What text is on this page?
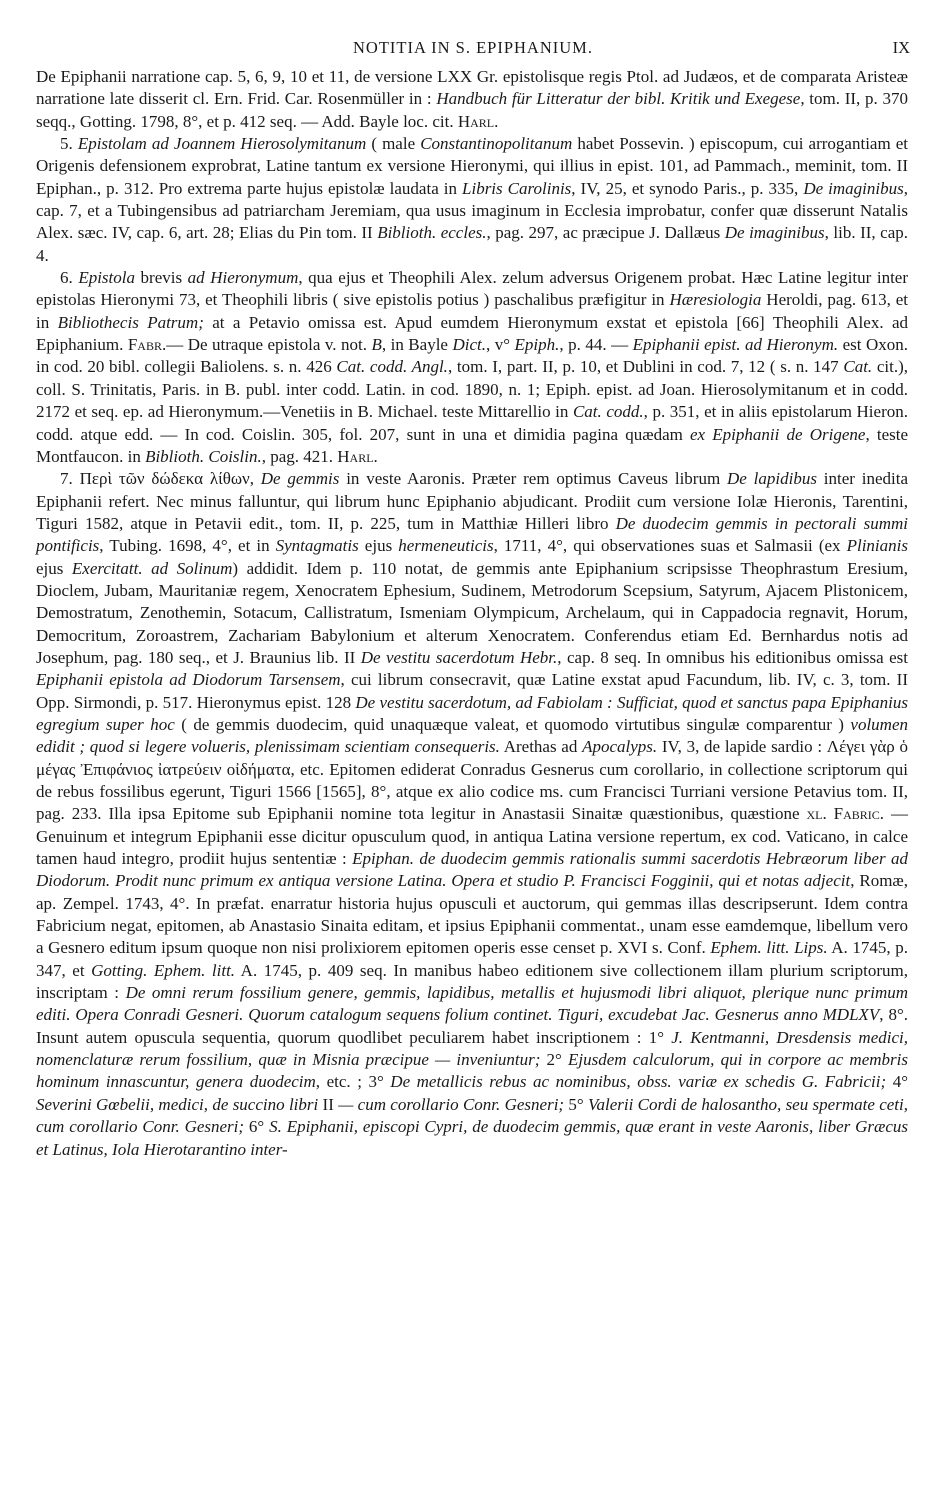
NOTITIA IN S. EPIPHANIUM.	IX

De Epiphanii narratione cap. 5, 6, 9, 10 et 11, de versione LXX Gr. epistolisque regis Ptol. ad Judæos, et de comparata Aristeæ narratione late disserit cl. Ern. Frid. Car. Rosenmüller in : Handbuch für Litteratur der bibl. Kritik und Exegese, tom. II, p. 370 seqq., Gotting. 1798, 8°, et p. 412 seq. — Add. Bayle loc. cit. Harl.

5. Epistolam ad Joannem Hierosolymitanum ( male Constantinopolitanum habet Possevin. ) episcopum, cui arrogantiam et Origenis defensionem exprobrat, Latine tantum ex versione Hieronymi, qui illius in epist. 101, ad Pammach., meminit, tom. II Epiphan., p. 312. Pro extrema parte hujus epistolæ laudata in Libris Carolinis, IV, 25, et synodo Paris., p. 335, De imaginibus, cap. 7, et a Tubingensibus ad patriarcham Jeremiam, qua usus imaginum in Ecclesia improbatur, confer quæ disserunt Natalis Alex. sæc. IV, cap. 6, art. 28; Elias du Pin tom. II Biblioth. eccles., pag. 297, ac præcipue J. Dallæus De imaginibus, lib. II, cap. 4.

6. Epistola brevis ad Hieronymum, qua ejus et Theophili Alex. zelum adversus Origenem probat. Hæc Latine legitur inter epistolas Hieronymi 73, et Theophili libris ( sive epistolis potius ) paschalibus præfigitur in Hæresiologia Heroldi, pag. 613, et in Bibliothecis Patrum; at a Petavio omissa est. Apud eumdem Hieronymum exstat et epistola [66] Theophili Alex. ad Epiphanium. Fabr.— De utraque epistola v. not. B, in Bayle Dict., v° Epiph., p. 44. — Epiphanii epist. ad Hieronym. est Oxon. in cod. 20 bibl. collegii Baliolens. s. n. 426 Cat. codd. Angl., tom. I, part. II, p. 10, et Dublini in cod. 7, 12 ( s. n. 147 Cat. cit.), coll. S. Trinitatis, Paris. in B. publ. inter codd. Latin. in cod. 1890, n. 1; Epiph. epist. ad Joan. Hierosolymitanum et in codd. 2172 et seq. ep. ad Hieronymum.—Venetiis in B. Michael. teste Mittarellio in Cat. codd., p. 351, et in aliis epistolarum Hieron. codd. atque edd. — In cod. Coislin. 305, fol. 207, sunt in una et dimidia pagina quædam ex Epiphanii de Origene, teste Montfaucon. in Biblioth. Coislin., pag. 421. Harl.

7. Περὶ τῶν δώδεκα λίθων, De gemmis in veste Aaronis. Præter rem optimus Caveus librum De lapidibus inter inedita Epiphanii refert. Nec minus falluntur, qui librum hunc Epiphanio abjudicant. Prodiit cum versione Iolæ Hieronis, Tarentini, Tiguri 1582, atque in Petavii edit., tom. II, p. 225, tum in Matthiæ Hilleri libro De duodecim gemmis in pectorali summi pontificis, Tubing. 1698, 4°, et in Syntagmatis ejus hermeneuticis, 1711, 4°, qui observationes suas et Salmasii (ex Plinianis ejus Exercitatt. ad Solinum) addidit. Idem p. 110 notat, de gemmis ante Epiphanium scripsisse Theophrastum Eresium, Dioclem, Jubam, Mauritaniæ regem, Xenocratem Ephesium, Sudinem, Metrodorum Scepsium, Satyrum, Ajacem Plistonicem, Demostratum, Zenothemin, Sotacum, Callistratum, Ismeniam Olympicum, Archelaum, qui in Cappadocia regnavit, Horum, Democritum, Zoroastrem, Zachariam Babylonium et alterum Xenocratem. Conferendus etiam Ed. Bernhardus notis ad Josephum, pag. 180 seq., et J. Braunius lib. II De vestitu sacerdotum Hebr., cap. 8 seq. In omnibus his editionibus omissa est Epiphanii epistola ad Diodorum Tarsensem, cui librum consecravit, quæ Latine exstat apud Facundum, lib. IV, c. 3, tom. II Opp. Sirmondi, p. 517. Hieronymus epist. 128 De vestitu sacerdotum, ad Fabiolam : Sufficiat, quod et sanctus papa Epiphanius egregium super hoc ( de gemmis duodecim, quid unaquæque valeat, et quomodo virtutibus singulæ comparentur ) volumen edidit ; quod si legere volueris, plenissimam scientiam consequeris. Arethas ad Apocalyps. IV, 3, de lapide sardio : Λέγει γὰρ ὁ μέγας Ἐπιφάνιος ἰατρεύειν οἰδήματα, etc. Epitomen ediderat Conradus Gesnerus cum corollario, in collectione scriptorum qui de rebus fossilibus egerunt, Tiguri 1566 [1565], 8°, atque ex alio codice ms. cum Francisci Turriani versione Petavius tom. II, pag. 233. Illa ipsa Epitome sub Epiphanii nomine tota legitur in Anastasii Sinaitæ quæstionibus, quæstione xl. Fabric. — Genuinum et integrum Epiphanii esse dicitur opusculum quod, in antiqua Latina versione repertum, ex cod. Vaticano, in calce tamen haud integro, prodiit hujus sententiæ : Epiphan. de duodecim gemmis rationalis summi sacerdotis Hebræorum liber ad Diodorum. Prodit nunc primum ex antiqua versione Latina. Opera et studio P. Francisci Fogginii, qui et notas adjecit, Romæ, ap. Zempel. 1743, 4°. In præfat. enarratur historia hujus opusculi et auctorum, qui gemmas illas descripserunt. Idem contra Fabricium negat, epitomen, ab Anastasio Sinaita editam, et ipsius Epiphanii commentat., unam esse eamdemque, libellum vero a Gesnero editum ipsum quoque non nisi prolixiorem epitomen operis esse censet p. XVI s. Conf. Ephem. litt. Lips. A. 1745, p. 347, et Gotting. Ephem. litt. A. 1745, p. 409 seq. In manibus habeo editionem sive collectionem illam plurium scriptorum, inscriptam : De omni rerum fossilium genere, gemmis, lapidibus, metallis et hujusmodi libri aliquot, plerique nunc primum editi. Opera Conradi Gesneri. Quorum catalogum sequens folium continet. Tiguri, excudebat Jac. Gesnerus anno MDLXV, 8°. Insunt autem opuscula sequentia, quorum quodlibet peculiarem habet inscriptionem : 1° J. Kentmanni, Dresdensis medici, nomenclaturæ rerum fossilium, quæ in Misnia præcipue — inveniuntur; 2° Ejusdem calculorum, qui in corpore ac membris hominum innascuntur, genera duodecim, etc. ; 3° De metallicis rebus ac nominibus, obss. variæ ex schedis G. Fabricii; 4° Severini Gœbelii, medici, de succino libri II — cum corollario Conr. Gesneri; 5° Valerii Cordi de halosantho, seu spermate ceti, cum corollario Conr. Gesneri; 6° S. Epiphanii, episcopi Cypri, de duodecim gemmis, quæ erant in veste Aaronis, liber Græcus et Latinus, Iola Hierotarantino inter-
